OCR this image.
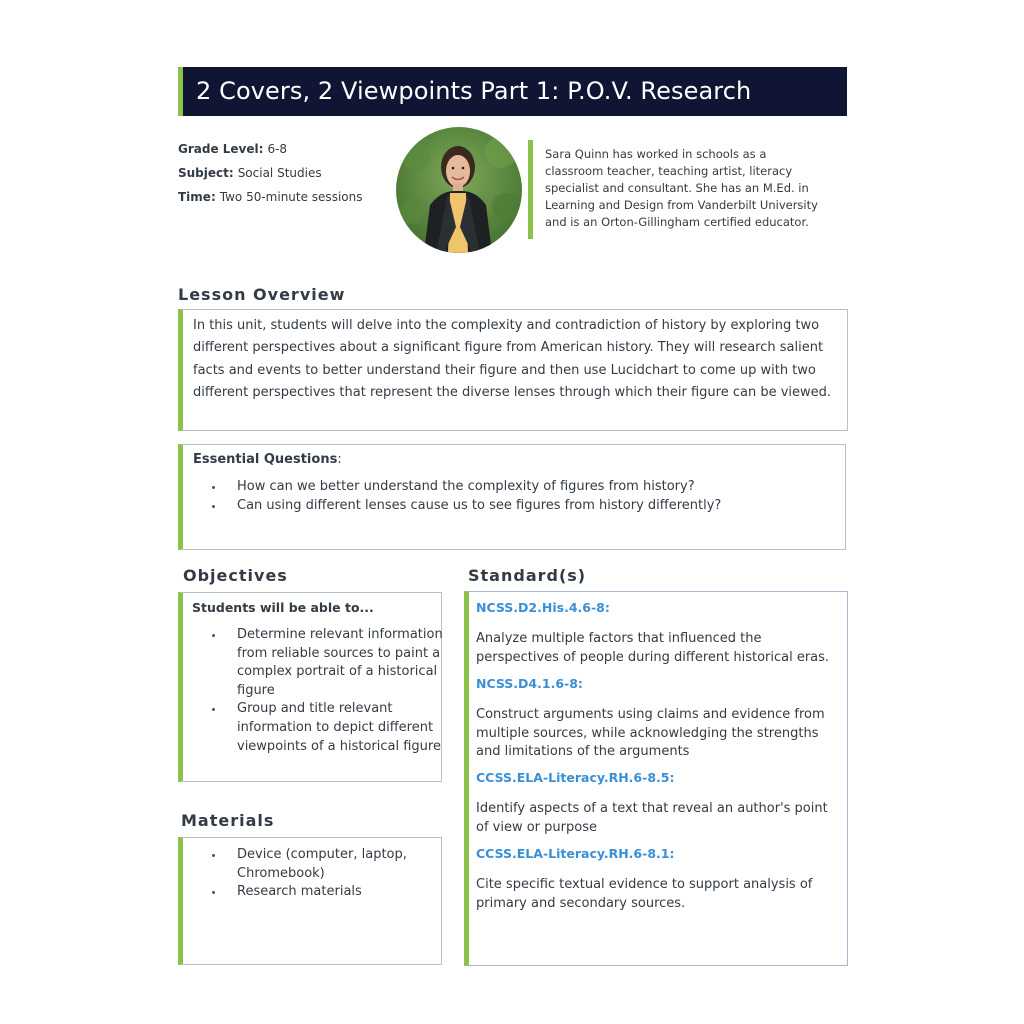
2 Covers, 2 Viewpoints Part 1: P.O.V. Research
Grade Level: 6-8
Subject: Social Studies
Time: Two 50-minute sessions

Sara Quinn has worked in schools as a classroom teacher, teaching artist, literacy specialist and consultant. She has an M.Ed. in Learning and Design from Vanderbilt University and is an Orton-Gillingham certified educator.

Lesson Overview

In this unit, students will delve into the complexity and contradiction of history by exploring two different perspectives about a significant figure from American history. They will research salient facts and events to better understand their figure and then use Lucidchart to come up with two different perspectives that represent the diverse lenses through which their figure can be viewed.

Essential Questions:
How can we better understand the complexity of figures from history?
Can using different lenses cause us to see figures from history differently?
Objectives
Students will be able to...
Determine relevant information from reliable sources to paint a complex portrait of a historical figure
Group and title relevant information to depict different viewpoints of a historical figure
Materials
Device (computer, laptop, Chromebook)
Research materials
Standard(s)
NCSS.D2.His.4.6-8:
Analyze multiple factors that influenced the perspectives of people during different historical eras.
NCSS.D4.1.6-8:
Construct arguments using claims and evidence from multiple sources, while acknowledging the strengths and limitations of the arguments
CCSS.ELA-Literacy.RH.6-8.5:
Identify aspects of a text that reveal an author's point of view or purpose
CCSS.ELA-Literacy.RH.6-8.1:
Cite specific textual evidence to support analysis of primary and secondary sources.
